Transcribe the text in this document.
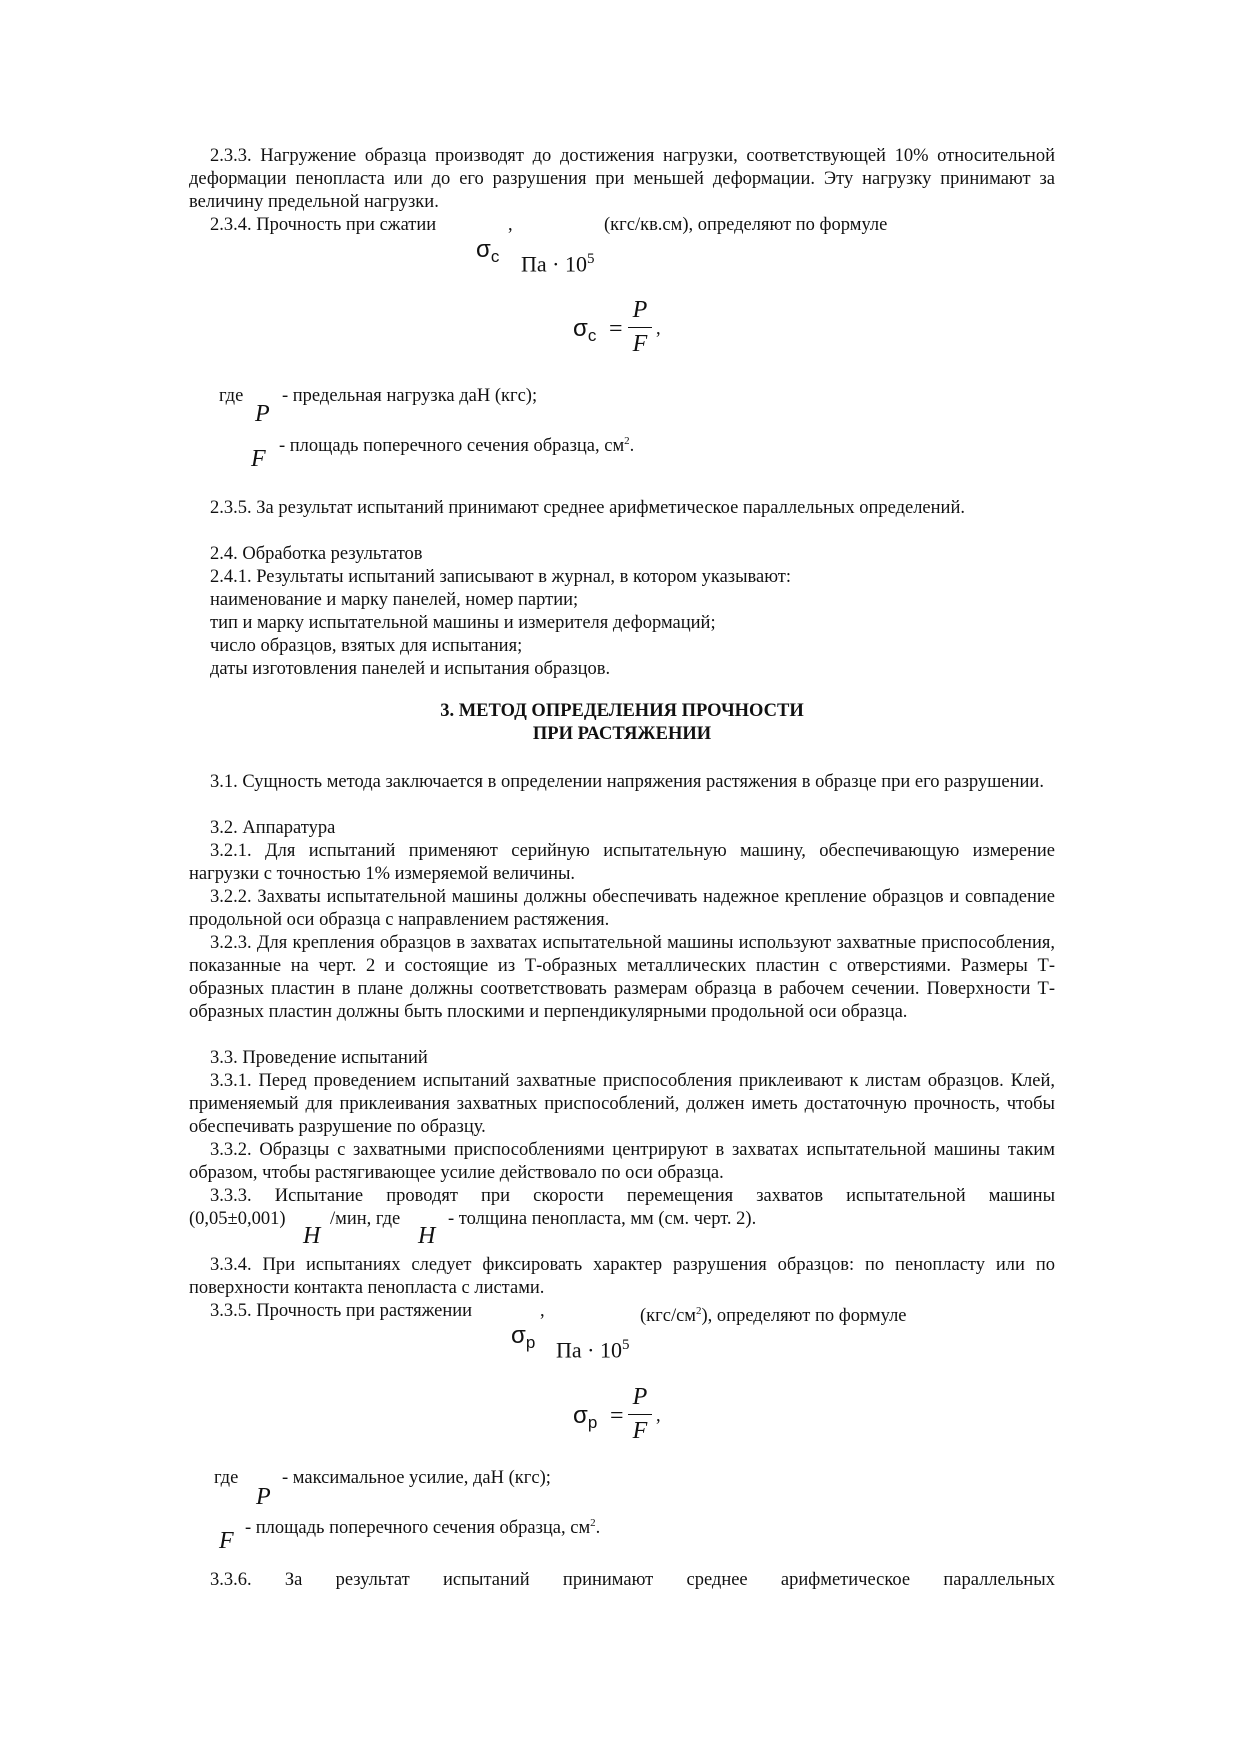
2.3.3. Нагружение образца производят до достижения нагрузки, соответствующей 10% относительной деформации пенопласта или до его разрушения при меньшей деформации. Эту нагрузку принимают за величину предельной нагрузки.

2.3.4. Прочность при сжатии	,	(кгс/кв.см), определяют по формуле
$\sigma_с$ Па · $10^5$
$\sigma_с$ =
P
F
,
где - предельная нагрузка даН (кгс);
P
- площадь поперечного сечения образца, $см^2$.
F

2.3.5. За результат испытаний принимают среднее арифметическое параллельных определений.

2.4. Обработка результатов
2.4.1. Результаты испытаний записывают в журнал, в котором указывают:
наименование и марку панелей, номер партии;
тип и марку испытательной машины и измерителя деформаций;
число образцов, взятых для испытания;
даты изготовления панелей и испытания образцов.
3. МЕТОД ОПРЕДЕЛЕНИЯ ПРОЧНОСТИ
ПРИ РАСТЯЖЕНИИ

3.1. Сущность метода заключается в определении напряжения растяжения в образце при его разрушении.

3.2. Аппаратура

3.2.1. Для испытаний применяют серийную испытательную машину, обеспечивающую измерение нагрузки с точностью 1% измеряемой величины.

3.2.2. Захваты испытательной машины должны обеспечивать надежное крепление образцов и совпадение продольной оси образца с направлением растяжения.

3.2.3. Для крепления образцов в захватах испытательной машины используют захватные приспособления, показанные на черт. 2 и состоящие из Т-образных металлических пластин с отверстиями. Размеры Т-образных пластин в плане должны соответствовать размерам образца в рабочем сечении. Поверхности Т-образных пластин должны быть плоскими и перпендикулярными продольной оси образца.

3.3. Проведение испытаний

3.3.1. Перед проведением испытаний захватные приспособления приклеивают к листам образцов. Клей, применяемый для приклеивания захватных приспособлений, должен иметь достаточную прочность, чтобы обеспечивать разрушение по образцу.

3.3.2. Образцы с захватными приспособлениями центрируют в захватах испытательной машины таким образом, чтобы растягивающее усилие действовало по оси образца.

3.3.3. Испытание проводят при скорости перемещения захватов испытательной машины

(0,05±0,001) /мин, где	- толщина пенопласта, мм (см. черт. 2).
H	H

3.3.4. При испытаниях следует фиксировать характер разрушения образцов: по пенопласту или по поверхности контакта пенопласта с листами.

3.3.5. Прочность при растяжении	,	$(кгс/см^2)$, определяют по формуле
$\sigma_р$ Па · $10^5$
$\sigma_р$ =
P
F
,
где - максимальное усилие, даН (кгс);
P
- площадь поперечного сечения образца, $см^2$.
F

3.3.6. За результат испытаний принимают среднее арифметическое параллельных
